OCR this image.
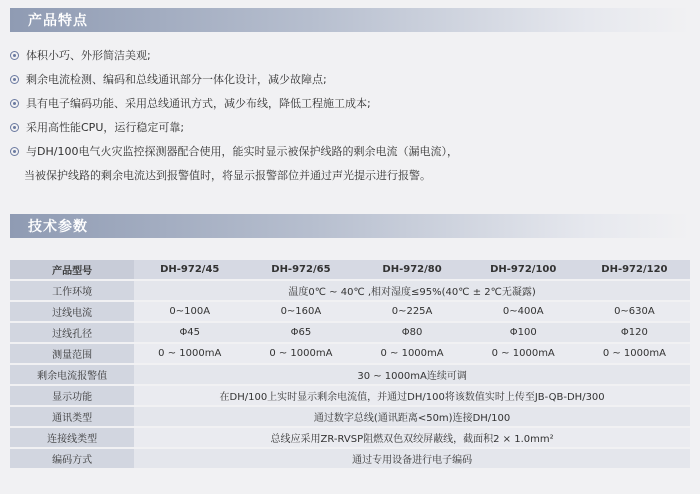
产品特点
体积小巧、外形简洁美观;
剩余电流检测、编码和总线通讯部分一体化设计，减少故障点;
具有电子编码功能、采用总线通讯方式，减少布线，降低工程施工成本;
采用高性能CPU，运行稳定可靠;
与DH/100电气火灾监控探测器配合使用，能实时显示被保护线路的剩余电流（漏电流），
当被保护线路的剩余电流达到报警值时，将显示报警部位并通过声光提示进行报警。
技术参数
产品型号	DH-972/45	DH-972/65	DH-972/80	DH-972/100	DH-972/120
工作环境	温度0℃ ~ 40℃ ,相对湿度≤95%(40℃ ± 2℃无凝露)				
过线电流	0~100A	0~160A	0~225A	0~400A	0~630A
过线孔径	Φ45	Φ65	Φ80	Φ100	Φ120
测量范围	0 ~ 1000mA	0 ~ 1000mA	0 ~ 1000mA	0 ~ 1000mA	0 ~ 1000mA
剩余电流报警值	30 ~ 1000mA连续可调				
显示功能	在DH/100上实时显示剩余电流值，并通过DH/100将该数值实时上传至JB-QB-DH/300				
通讯类型	通过数字总线(通讯距离<50m)连接DH/100				
连接线类型	总线应采用ZR-RVSP阻燃双色双绞屏蔽线，截面积2 × 1.0mm²				
编码方式	通过专用设备进行电子编码				
